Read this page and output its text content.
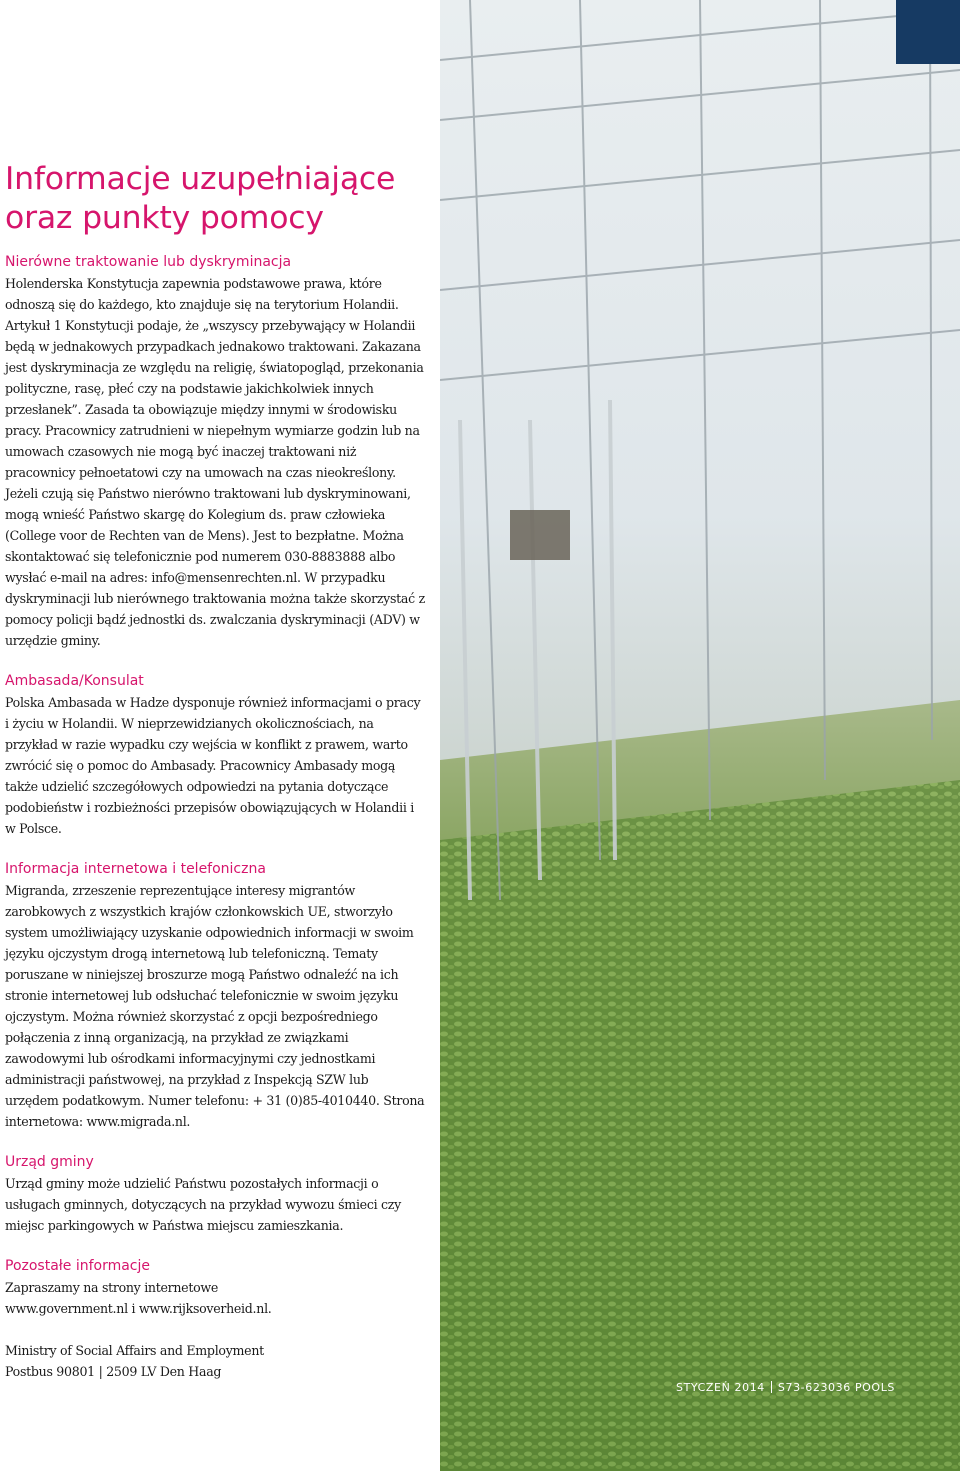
STYCZEŃ 2014 S73-623036 POOLS
Informacje uzupełniające oraz punkty pomocy
Nierówne traktowanie lub dyskryminacja

Holenderska Konstytucja zapewnia podstawowe prawa, które odnoszą się do każdego, kto znajduje się na terytorium Holandii. Artykuł 1 Konstytucji podaje, że „wszyscy przebywający w Holandii będą w jednakowych przypadkach jednakowo traktowani. Zakazana jest dyskryminacja ze względu na religię, światopogląd, przekonania polityczne, rasę, płeć czy na podstawie jakichkolwiek innych przesłanek”. Zasada ta obowiązuje między innymi w środowisku pracy. Pracownicy zatrudnieni w niepełnym wymiarze godzin lub na umowach czasowych nie mogą być inaczej traktowani niż pracownicy pełnoetatowi czy na umowach na czas nieokreślony. Jeżeli czują się Państwo nierówno traktowani lub dyskryminowani, mogą wnieść Państwo skargę do Kolegium ds. praw człowieka (College voor de Rechten van de Mens). Jest to bezpłatne. Można skontaktować się telefonicznie pod numerem 030-8883888 albo wysłać e-mail na adres: info@mensenrechten.nl. W przypadku dyskryminacji lub nierównego traktowania można także skorzystać z pomocy policji bądź jednostki ds. zwalczania dyskryminacji (ADV) w urzędzie gminy.

Ambasada/Konsulat

Polska Ambasada w Hadze dysponuje również informacjami o pracy i życiu w Holandii. W nieprzewidzianych okolicznościach, na przykład w razie wypadku czy wejścia w konflikt z prawem, warto zwrócić się o pomoc do Ambasady. Pracownicy Ambasady mogą także udzielić szczegółowych odpowiedzi na pytania dotyczące podobieństw i rozbieżności przepisów obowiązujących w Holandii i w Polsce.

Informacja internetowa i telefoniczna

Migranda, zrzeszenie reprezentujące interesy migrantów zarobkowych z wszystkich krajów członkowskich UE, stworzyło system umożliwiający uzyskanie odpowiednich informacji w swoim języku ojczystym drogą internetową lub telefoniczną. Tematy poruszane w niniejszej broszurze mogą Państwo odnaleźć na ich stronie internetowej lub odsłuchać telefonicznie w swoim języku ojczystym. Można również skorzystać z opcji bezpośredniego połączenia z inną organizacją, na przykład ze związkami zawodowymi lub ośrodkami informacyjnymi czy jednostkami administracji państwowej, na przykład z Inspekcją SZW lub urzędem podatkowym. Numer telefonu: + 31 (0)85-4010440. Strona internetowa: www.migrada.nl.

Urząd gminy

Urząd gminy może udzielić Państwu pozostałych informacji o usługach gminnych, dotyczących na przykład wywozu śmieci czy miejsc parkingowych w Państwa miejscu zamieszkania.

Pozostałe informacje

Zapraszamy na strony internetowe

www.government.nl i www.rijksoverheid.nl.

Ministry of Social Affairs and Employment

Postbus 90801 | 2509 LV Den Haag
